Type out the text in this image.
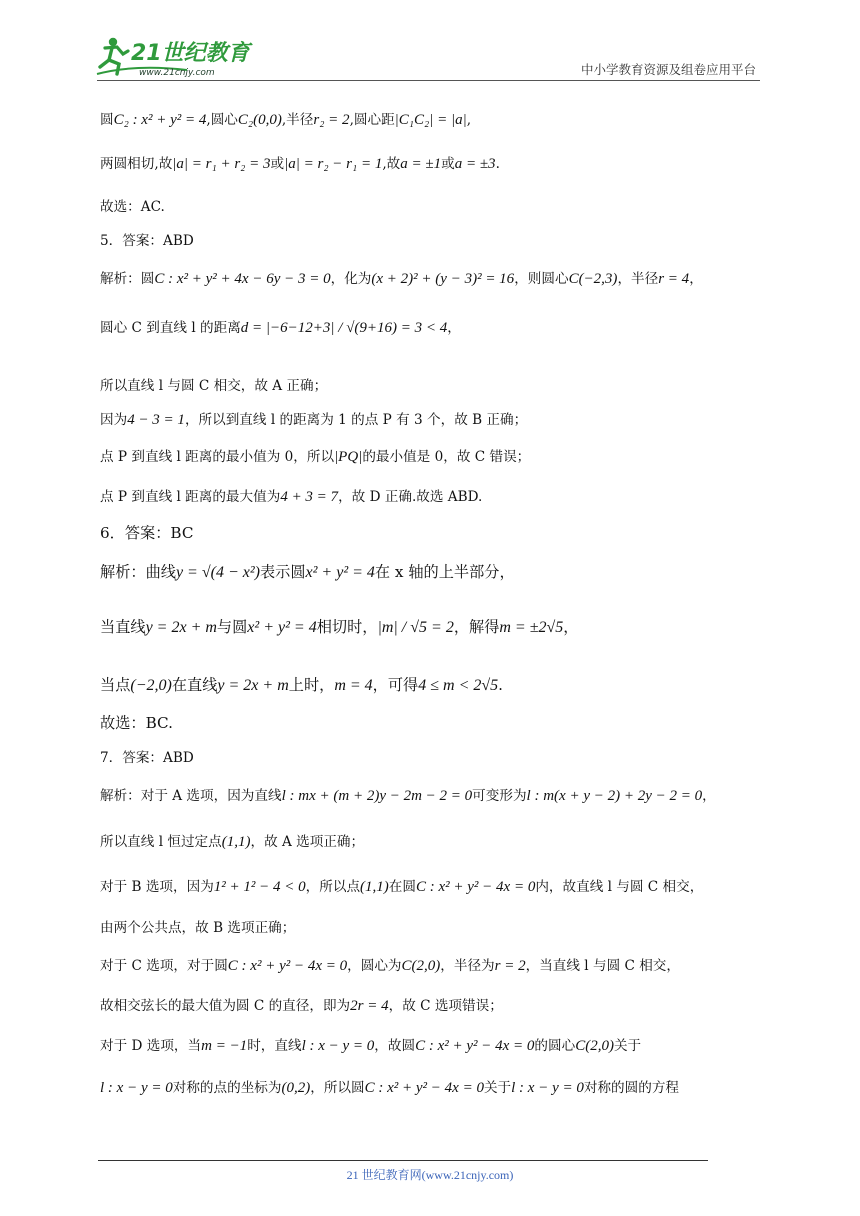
21世纪教育
www.21cnjy.com	中小学教育资源及组卷应用平台
圆C₂ : x² + y² = 4,圆心C₂(0,0),半径r₂ = 2,圆心距|C₁C₂| = |a|,
两圆相切,故|a| = r₁ + r₂ = 3或|a| = r₂ − r₁ = 1,故a = ±1或a = ±3.
故选：AC.
5．答案：ABD
解析：圆C : x² + y² + 4x − 6y − 3 = 0，化为(x + 2)² + (y − 3)² = 16，则圆心C(−2,3)，半径r = 4，
圆心 C 到直线 l 的距离d = |−6−12+3| / √(9+16) = 3 < 4，
所以直线 l 与圆 C 相交，故 A 正确；
因为4 − 3 = 1，所以到直线 l 的距离为 1 的点 P 有 3 个，故 B 正确；
点 P 到直线 l 距离的最小值为 0，所以|PQ|的最小值是 0，故 C 错误；
点 P 到直线 l 距离的最大值为4 + 3 = 7，故 D 正确.故选 ABD.
6．答案：BC
解析：曲线y = √(4 − x²)表示圆x² + y² = 4在 x 轴的上半部分，
当直线y = 2x + m与圆x² + y² = 4相切时，|m| / √5 = 2，解得m = ±2√5，
当点(−2,0)在直线y = 2x + m上时，m = 4，可得4 ≤ m < 2√5.
故选：BC.
7．答案：ABD
解析：对于 A 选项，因为直线l : mx + (m + 2)y − 2m − 2 = 0可变形为l : m(x + y − 2) + 2y − 2 = 0，
所以直线 l 恒过定点(1,1)，故 A 选项正确；
对于 B 选项，因为1² + 1² − 4 < 0，所以点(1,1)在圆C : x² + y² − 4x = 0内，故直线 l 与圆 C 相交，
由两个公共点，故 B 选项正确；
对于 C 选项，对于圆C : x² + y² − 4x = 0，圆心为C(2,0)，半径为r = 2，当直线 l 与圆 C 相交，
故相交弦长的最大值为圆 C 的直径，即为2r = 4，故 C 选项错误；
对于 D 选项，当m = −1时，直线l : x − y = 0，故圆C : x² + y² − 4x = 0的圆心C(2,0)关于
l : x − y = 0对称的点的坐标为(0,2)，所以圆C : x² + y² − 4x = 0关于l : x − y = 0对称的圆的方程
21 世纪教育网(www.21cnjy.com)
